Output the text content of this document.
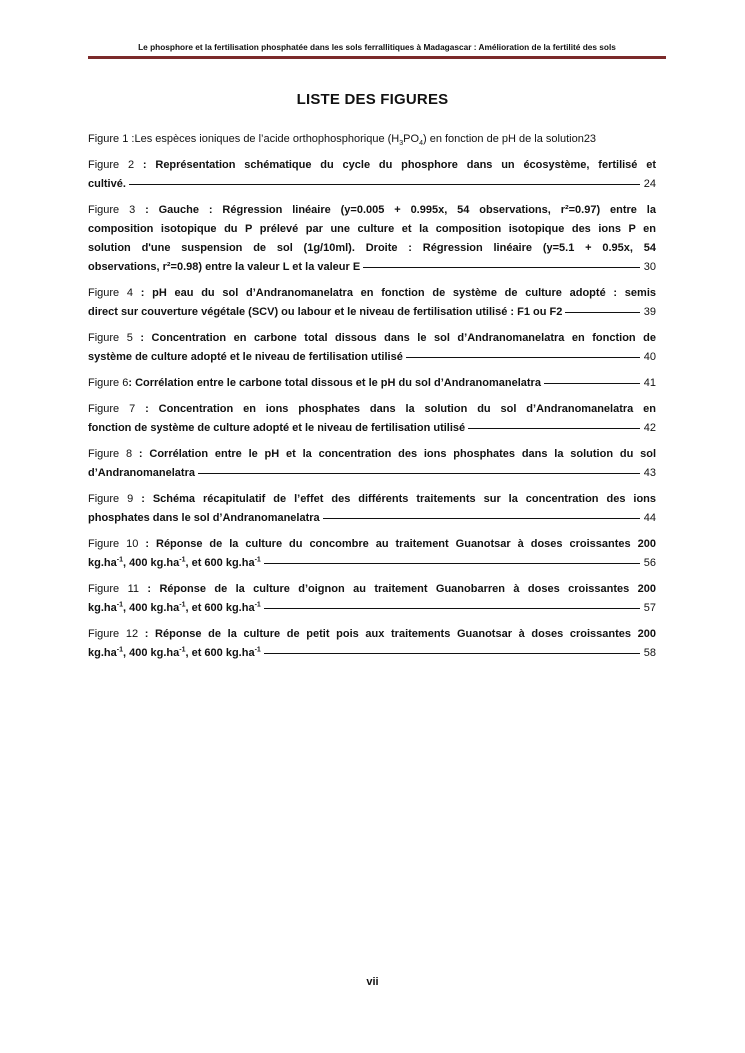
Le phosphore et la fertilisation phosphatée dans les sols ferrallitiques à Madagascar : Amélioration de la fertilité des sols
LISTE DES FIGURES
Figure 1 : Les espèces ioniques de l’acide orthophosphorique $(H_3PO_4)$ en fonction de pH de la solution 23
Figure 2 : Représentation schématique du cycle du phosphore dans un écosystème, fertilisé et
cultivé.	24
Figure 3 : Gauche : Régression linéaire (y=0.005 + 0.995x, 54 observations, r²=0.97) entre la
composition isotopique du P prélevé par une culture et la composition isotopique des ions P en
solution d'une suspension de sol (1g/10ml). Droite : Régression linéaire (y=5.1 + 0.95x, 54
observations, r²=0.98) entre la valeur L et la valeur E	30
Figure 4 : pH eau du sol d’Andranomanelatra en fonction de système de culture adopté : semis
direct sur couverture végétale (SCV) ou labour et le niveau de fertilisation utilisé : F1 ou F2	39
Figure 5 : Concentration en carbone total dissous dans le sol d’Andranomanelatra en fonction de
système de culture adopté et le niveau de fertilisation utilisé	40
Figure 6 : Corrélation entre le carbone total dissous et le pH du sol d’Andranomanelatra	41
Figure 7 : Concentration en ions phosphates dans la solution du sol d’Andranomanelatra en
fonction de système de culture adopté et le niveau de fertilisation utilisé	42
Figure 8 : Corrélation entre le pH et la concentration des ions phosphates dans la solution du sol
d’Andranomanelatra	43
Figure 9 : Schéma récapitulatif de l’effet des différents traitements sur la concentration des ions
phosphates dans le sol d’Andranomanelatra	44
Figure 10 : Réponse de la culture du concombre au traitement Guanotsar à doses croissantes 200
$kg.ha^{-1}$, 400 $kg.ha^{-1}$, et 600 $kg.ha^{-1}$	56
Figure 11 : Réponse de la culture d’oignon au traitement Guanobarren à doses croissantes 200
$kg.ha^{-1}$, 400 $kg.ha^{-1}$, et 600 $kg.ha^{-1}$	57
Figure 12 : Réponse de la culture de petit pois aux traitements Guanotsar à doses croissantes 200
$kg.ha^{-1}$, 400 $kg.ha^{-1}$, et 600 $kg.ha^{-1}$	58
vii
